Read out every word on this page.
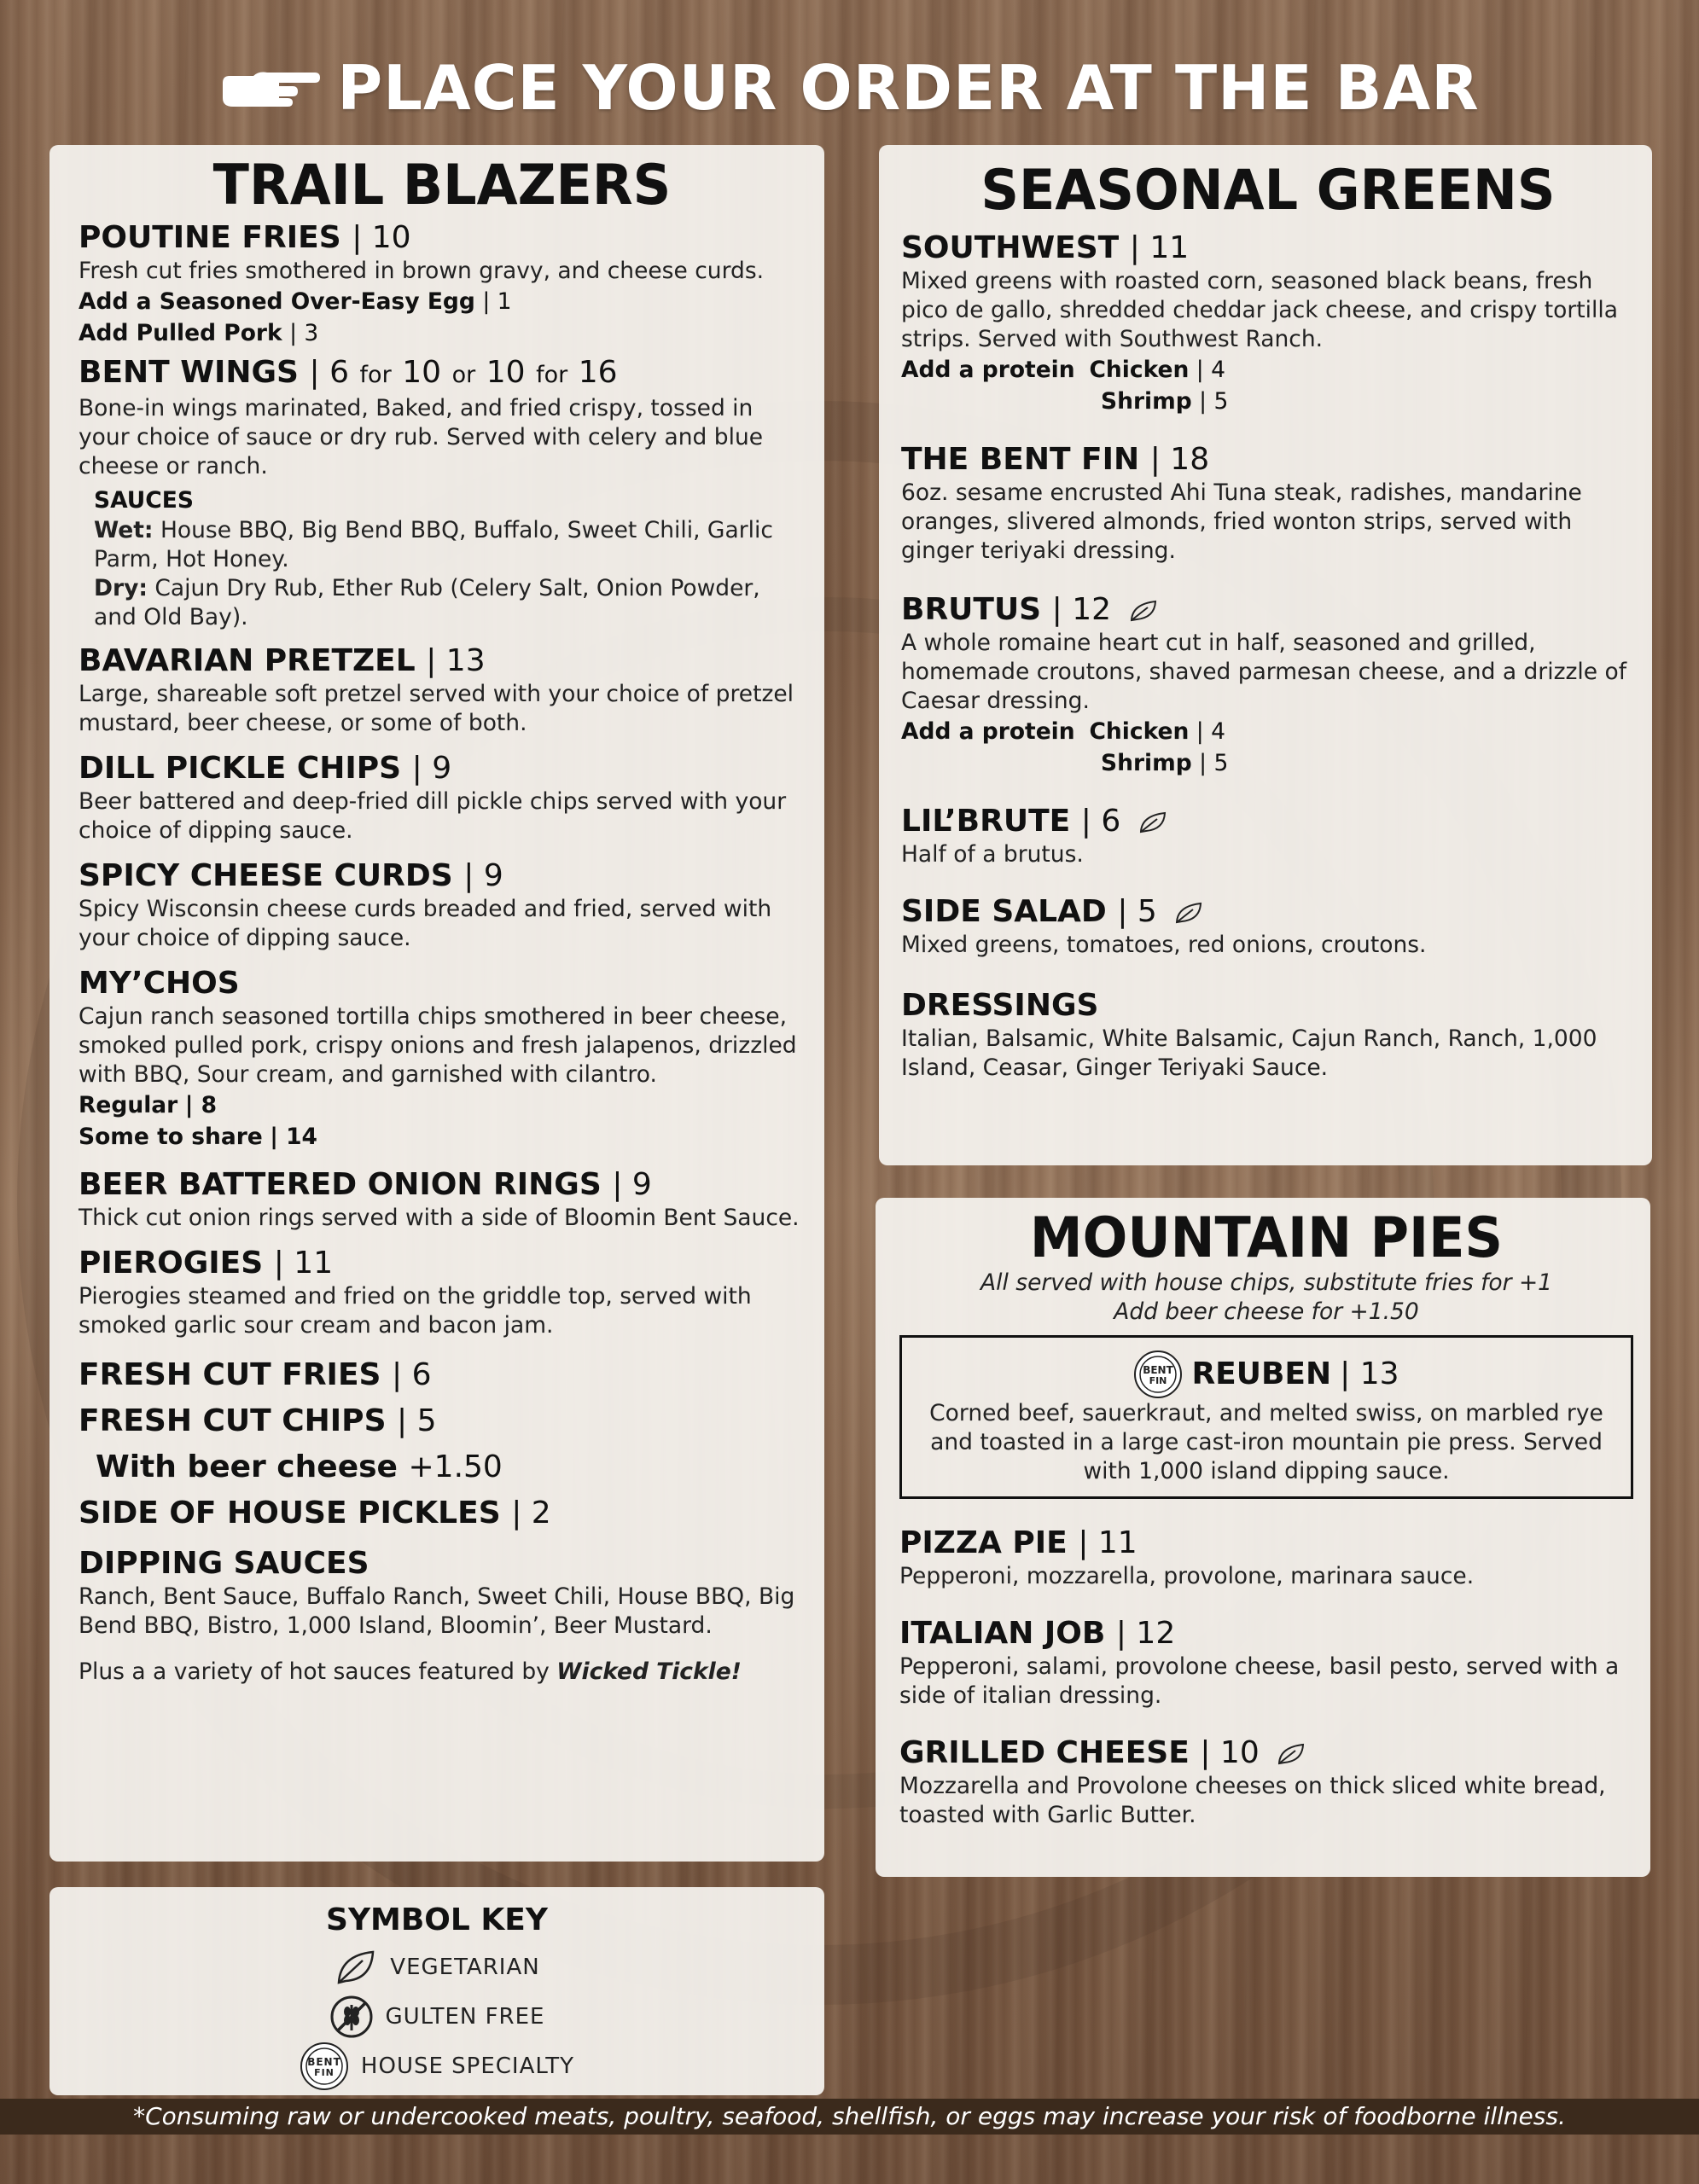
PLACE YOUR ORDER AT THE BAR
TRAIL BLAZERS
POUTINE FRIES | 10

Fresh cut fries smothered in brown gravy, and cheese curds.

Add a Seasoned Over-Easy Egg | 1
Add Pulled Pork | 3
BENT WINGS | 6 for 10 or 10 for 16

Bone-in wings marinated, Baked, and fried crispy, tossed in your choice of sauce or dry rub. Served with celery and blue cheese or ranch.

SAUCES

Wet: House BBQ, Big Bend BBQ, Buffalo, Sweet Chili, Garlic Parm, Hot Honey.

Dry: Cajun Dry Rub, Ether Rub (Celery Salt, Onion Powder, and Old Bay).

BAVARIAN PRETZEL | 13

Large, shareable soft pretzel served with your choice of pretzel mustard, beer cheese, or some of both.

DILL PICKLE CHIPS | 9

Beer battered and deep-fried dill pickle chips served with your choice of dipping sauce.

SPICY CHEESE CURDS | 9

Spicy Wisconsin cheese curds breaded and fried, served with your choice of dipping sauce.

MY’CHOS

Cajun ranch seasoned tortilla chips smothered in beer cheese, smoked pulled pork, crispy onions and fresh jalapenos, drizzled with BBQ, Sour cream, and garnished with cilantro.

Regular | 8
Some to share | 14
BEER BATTERED ONION RINGS | 9

Thick cut onion rings served with a side of Bloomin Bent Sauce.

PIEROGIES | 11

Pierogies steamed and fried on the griddle top, served with smoked garlic sour cream and bacon jam.

FRESH CUT FRIES | 6
FRESH CUT CHIPS | 5
With beer cheese +1.50
SIDE OF HOUSE PICKLES | 2
DIPPING SAUCES

Ranch, Bent Sauce, Buffalo Ranch, Sweet Chili, House BBQ, Big Bend BBQ, Bistro, 1,000 Island, Bloomin’, Beer Mustard.

Plus a a variety of hot sauces featured by Wicked Tickle!

SEASONAL GREENS
SOUTHWEST | 11

Mixed greens with roasted corn, seasoned black beans, fresh pico de gallo, shredded cheddar jack cheese, and crispy tortilla strips. Served with Southwest Ranch.

Add a protein Chicken | 4
Shrimp | 5
THE BENT FIN | 18

6oz. sesame encrusted Ahi Tuna steak, radishes, mandarine oranges, slivered almonds, fried wonton strips, served with ginger teriyaki dressing.

BRUTUS | 12

A whole romaine heart cut in half, seasoned and grilled, homemade croutons, shaved parmesan cheese, and a drizzle of Caesar dressing.

Add a protein Chicken | 4
Shrimp | 5
LIL’BRUTE | 6

Half of a brutus.

SIDE SALAD | 5

Mixed greens, tomatoes, red onions, croutons.

DRESSINGS

Italian, Balsamic, White Balsamic, Cajun Ranch, Ranch, 1,000 Island, Ceasar, Ginger Teriyaki Sauce.

MOUNTAIN PIES

All served with house chips, substitute fries for +1

Add beer cheese for +1.50

BENT
FIN REUBEN | 13

Corned beef, sauerkraut, and melted swiss, on marbled rye and toasted in a large cast-iron mountain pie press. Served with 1,000 island dipping sauce.

PIZZA PIE | 11

Pepperoni, mozzarella, provolone, marinara sauce.

ITALIAN JOB | 12

Pepperoni, salami, provolone cheese, basil pesto, served with a side of italian dressing.

GRILLED CHEESE | 10

Mozzarella and Provolone cheeses on thick sliced white bread, toasted with Garlic Butter.

SYMBOL KEY
VEGETARIAN
GULTEN FREE
BENT
FIN HOUSE SPECIALTY
*Consuming raw or undercooked meats, poultry, seafood, shellfish, or eggs may increase your risk of foodborne illness.
